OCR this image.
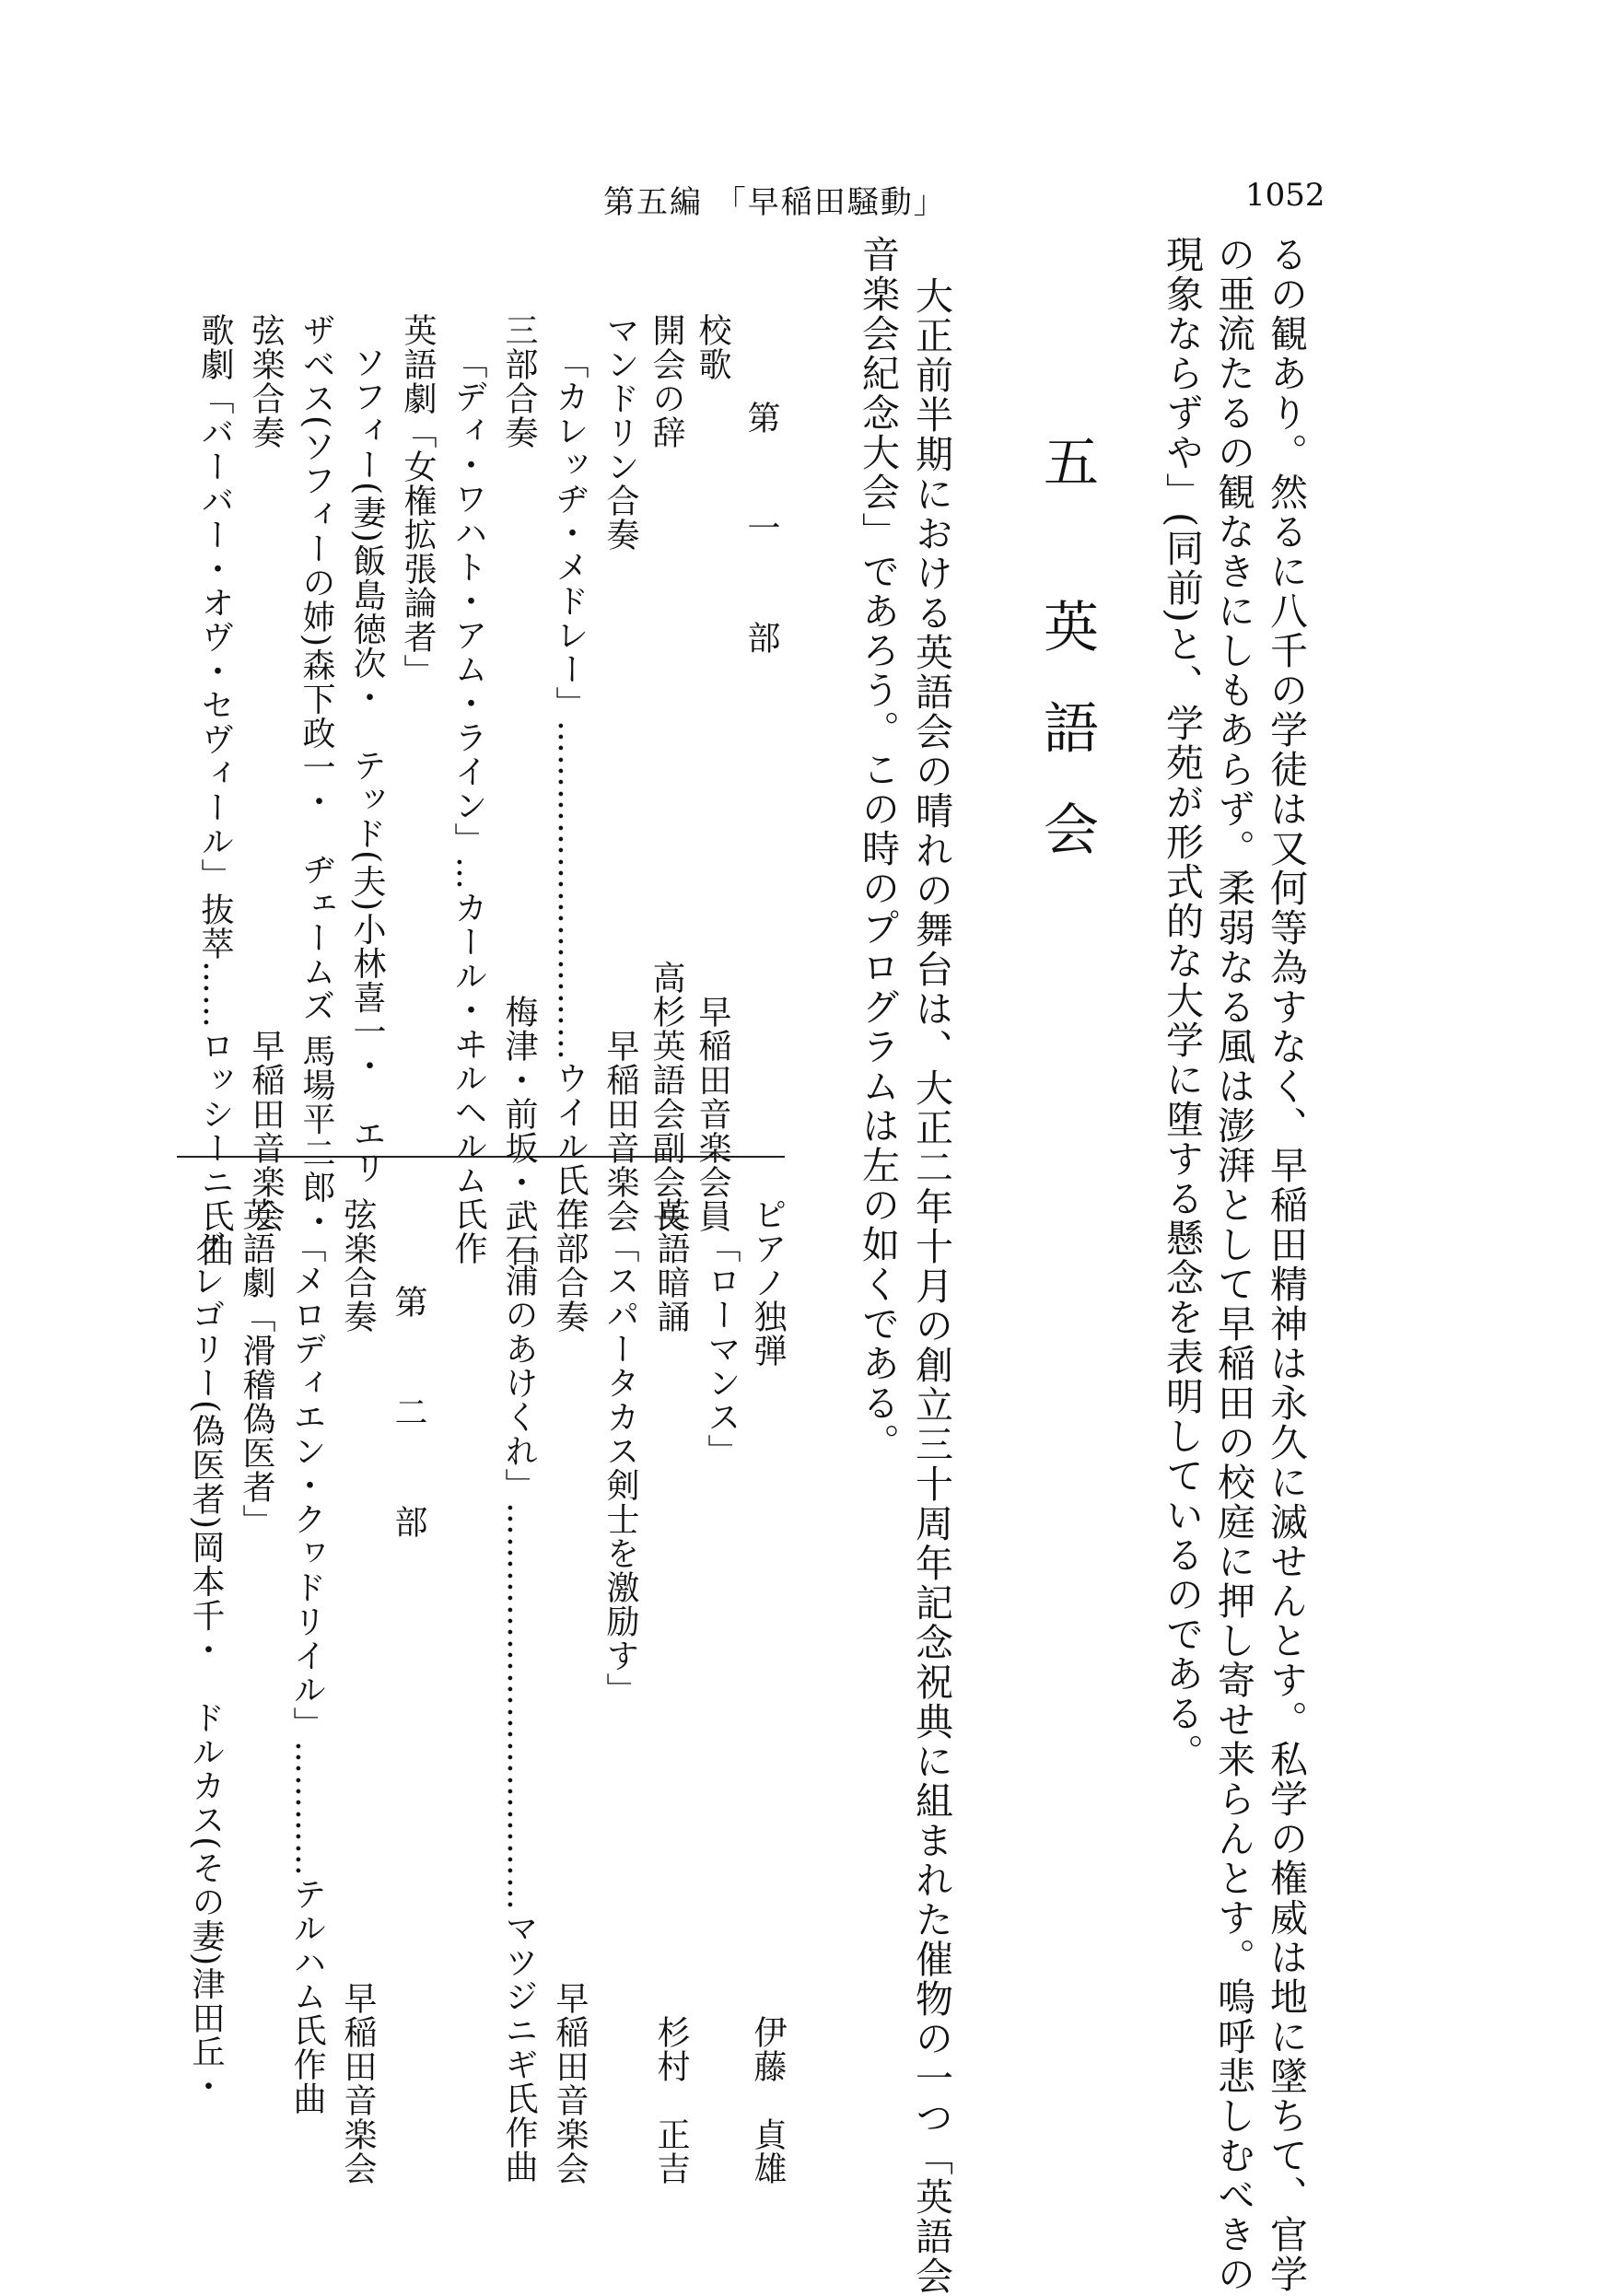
第五編 「早稲田騒動」	1052

るの観あり。然るに八千の学徒は又何等為すなく、早稲田精神は永久に滅せんとす。私学の権威は地に墜ちて、官学

の亜流たるの観なきにしもあらず。柔弱なる風は澎湃として早稲田の校庭に押し寄せ来らんとす。嗚呼悲しむべきの

現象ならずや」(同前)と、学苑が形式的な大学に堕する懸念を表明しているのである。

五 英語会

大正前半期における英語会の晴れの舞台は、大正二年十月の創立三十周年記念祝典に組まれた催物の一つ「英語会

音楽会紀念大会」であろう。この時のプログラムは左の如くである。

第 一 部

校歌　　　　　　　　　　　　　　　　　　早稲田音楽会員

開会の辞　　　　　　　　　　　　　　　高杉英語会副会長

マンドリン合奏　　　　　　　　　　　　　　早稲田音楽会

「カレッヂ・メドレー」…………………………ウイル氏作

三部合奏　　　　　　　　　　　　　　　　梅津・前坂・武石

「ディ・ワハト・アム・ライン」…カール・ヰルヘルム氏作

英語劇「女権拡張論者」

ソフィー(妻)飯島徳次・　テッド(夫)小林喜一・　エリ

ザベス(ソフィーの姉)森下政一・　ヂェームズ 馬場平二郎・

弦楽合奏　　　　　　　　　　　　　　　　　早稲田音楽会

歌劇「バーバー・オヴ・セヴィール」抜萃……ロッシーニ氏曲

ピアノ独弾　　　　　　　　　　　　　　　　　　　伊藤　貞雄

「ローマンス」

英語暗誦　　　　　　　　　　　　　　　　　　　　杉村　正吉

「スパータカス剣士を激励す」

三部合奏　　　　　　　　　　　　　　　　　　　早稲田音楽会

「浦のあけくれ」………………………………マツジニギ氏作曲

第 二 部

弦楽合奏　　　　　　　　　　　　　　　　　　　早稲田音楽会

「メロディエン・クヮドリイル」…………テルハム氏作曲

英語劇「滑稽偽医者」

グレゴリー(偽医者)岡本千・　ドルカス(その妻)津田丘・
